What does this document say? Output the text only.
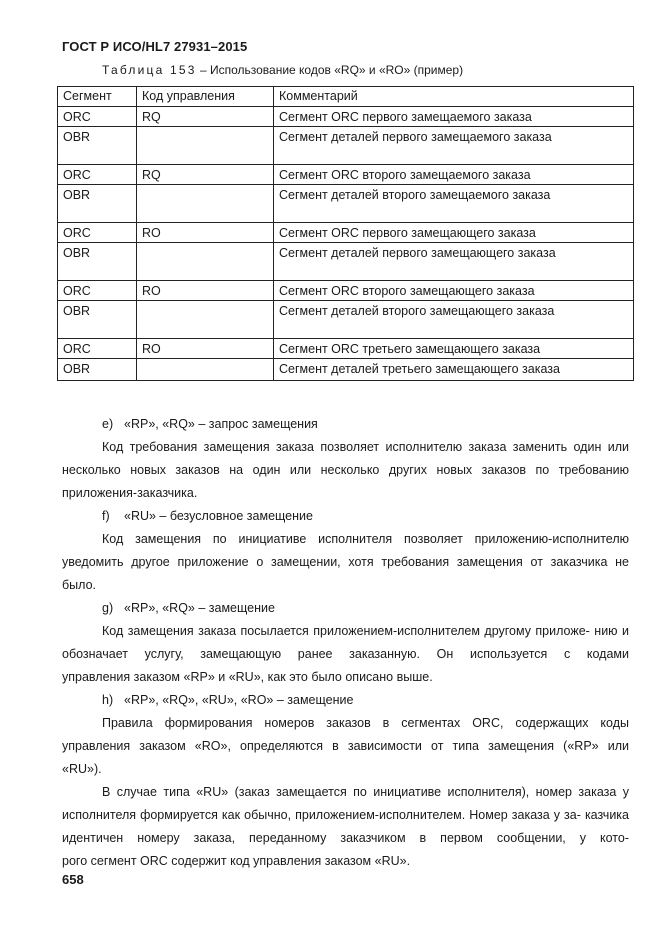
ГОСТ Р ИСО/HL7 27931–2015
Таблица 153 – Использование кодов «RQ» и «RO» (пример)
Сегмент	Код управления	Комментарий
ORC	RQ	Сегмент ORC первого замещаемого заказа
OBR		Сегмент деталей первого замещаемого заказа
ORC	RQ	Сегмент ORC второго замещаемого заказа
OBR		Сегмент деталей второго замещаемого заказа
ORC	RO	Сегмент ORC первого замещающего заказа
OBR		Сегмент деталей первого замещающего заказа
ORC	RO	Сегмент ORC второго замещающего заказа
OBR		Сегмент деталей второго замещающего заказа
ORC	RO	Сегмент ORC третьего замещающего заказа
OBR		Сегмент деталей третьего замещающего заказа

e) «RP», «RQ» – запрос замещения

Код требования замещения заказа позволяет исполнителю заказа заменить один или несколько новых заказов на один или несколько других новых заказов по требованию

приложения-заказчика.

f) «RU» – безусловное замещение

Код замещения по инициативе исполнителя позволяет приложению-исполнителю уведомить другое приложение о замещении, хотя требования замещения от заказчика не

было.

g) «RP», «RQ» – замещение

Код замещения заказа посылается приложением-исполнителем другому приложе- нию и обозначает услугу, замещающую ранее заказанную. Он используется с кодами

управления заказом «RP» и «RU», как это было описано выше.

h) «RP», «RQ», «RU», «RO» – замещение

Правила формирования номеров заказов в сегментах ORC, содержащих коды управления заказом «RO», определяются в зависимости от типа замещения («RP» или

«RU»).

В случае типа «RU» (заказ замещается по инициативе исполнителя), номер заказа у исполнителя формируется как обычно, приложением-исполнителем. Номер заказа у за- казчика идентичен номеру заказа, переданному заказчиком в первом сообщении, у кото-

рого сегмент ORC содержит код управления заказом «RU».

658
